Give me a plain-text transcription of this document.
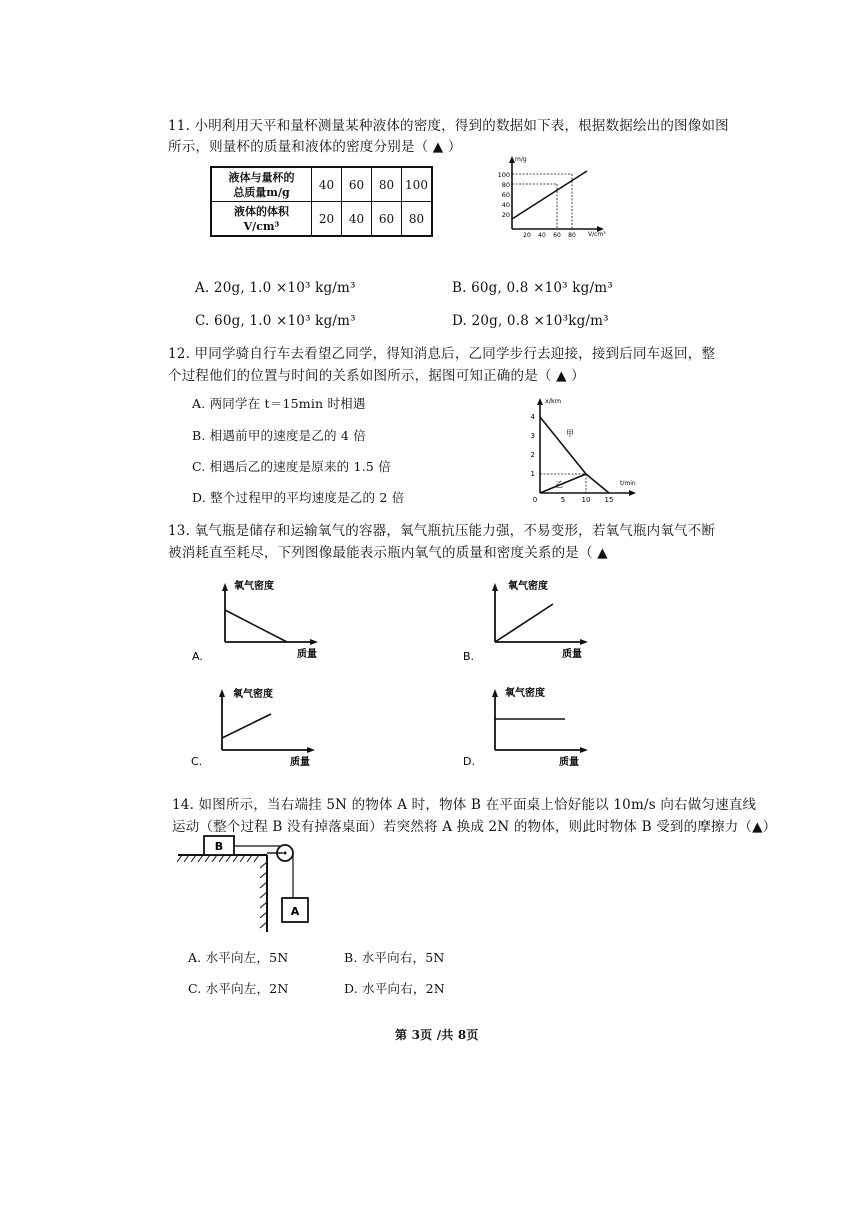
11. 小明利用天平和量杯测量某种液体的密度，得到的数据如下表，根据数据绘出的图像如图
所示，则量杯的质量和液体的密度分别是（ ▲ ）
液体与量杯的
总质量m/g	40	60	80	100
液体的体积
V/cm³	20	40	60	80
m/g
V/cm³
100
80
60
40
20
20 40 60 80
A. 20g, 1.0 ×10³ kg/m³	B. 60g, 0.8 ×10³ kg/m³
C. 60g, 1.0 ×10³ kg/m³	D. 20g, 0.8 ×10³kg/m³
12. 甲同学骑自行车去看望乙同学，得知消息后，乙同学步行去迎接，接到后同车返回，整
个过程他们的位置与时间的关系如图所示，据图可知正确的是（ ▲ ）
A. 两同学在 t＝15min 时相遇
B. 相遇前甲的速度是乙的 4 倍
C. 相遇后乙的速度是原来的 1.5 倍
D. 整个过程甲的平均速度是乙的 2 倍
x/km
t/min
4
3
2
1
0	5 10 15
甲
乙
13. 氧气瓶是储存和运输氧气的容器，氧气瓶抗压能力强，不易变形，若氧气瓶内氧气不断
被消耗直至耗尽，下列图像最能表示瓶内氧气的质量和密度关系的是（ ▲
氧气密度
质量
A.
氧气密度
质量
B.
氧气密度
质量
C.
氧气密度
质量
D.
14. 如图所示，当右端挂 5N 的物体 A 时，物体 B 在平面桌上恰好能以 10m/s 向右做匀速直线
运动（整个过程 B 没有掉落桌面）若突然将 A 换成 2N 的物体，则此时物体 B 受到的摩擦力（▲）
B
A
A. 水平向左，5N	B. 水平向右，5N
C. 水平向左，2N	D. 水平向右，2N
第 3页 /共 8页
